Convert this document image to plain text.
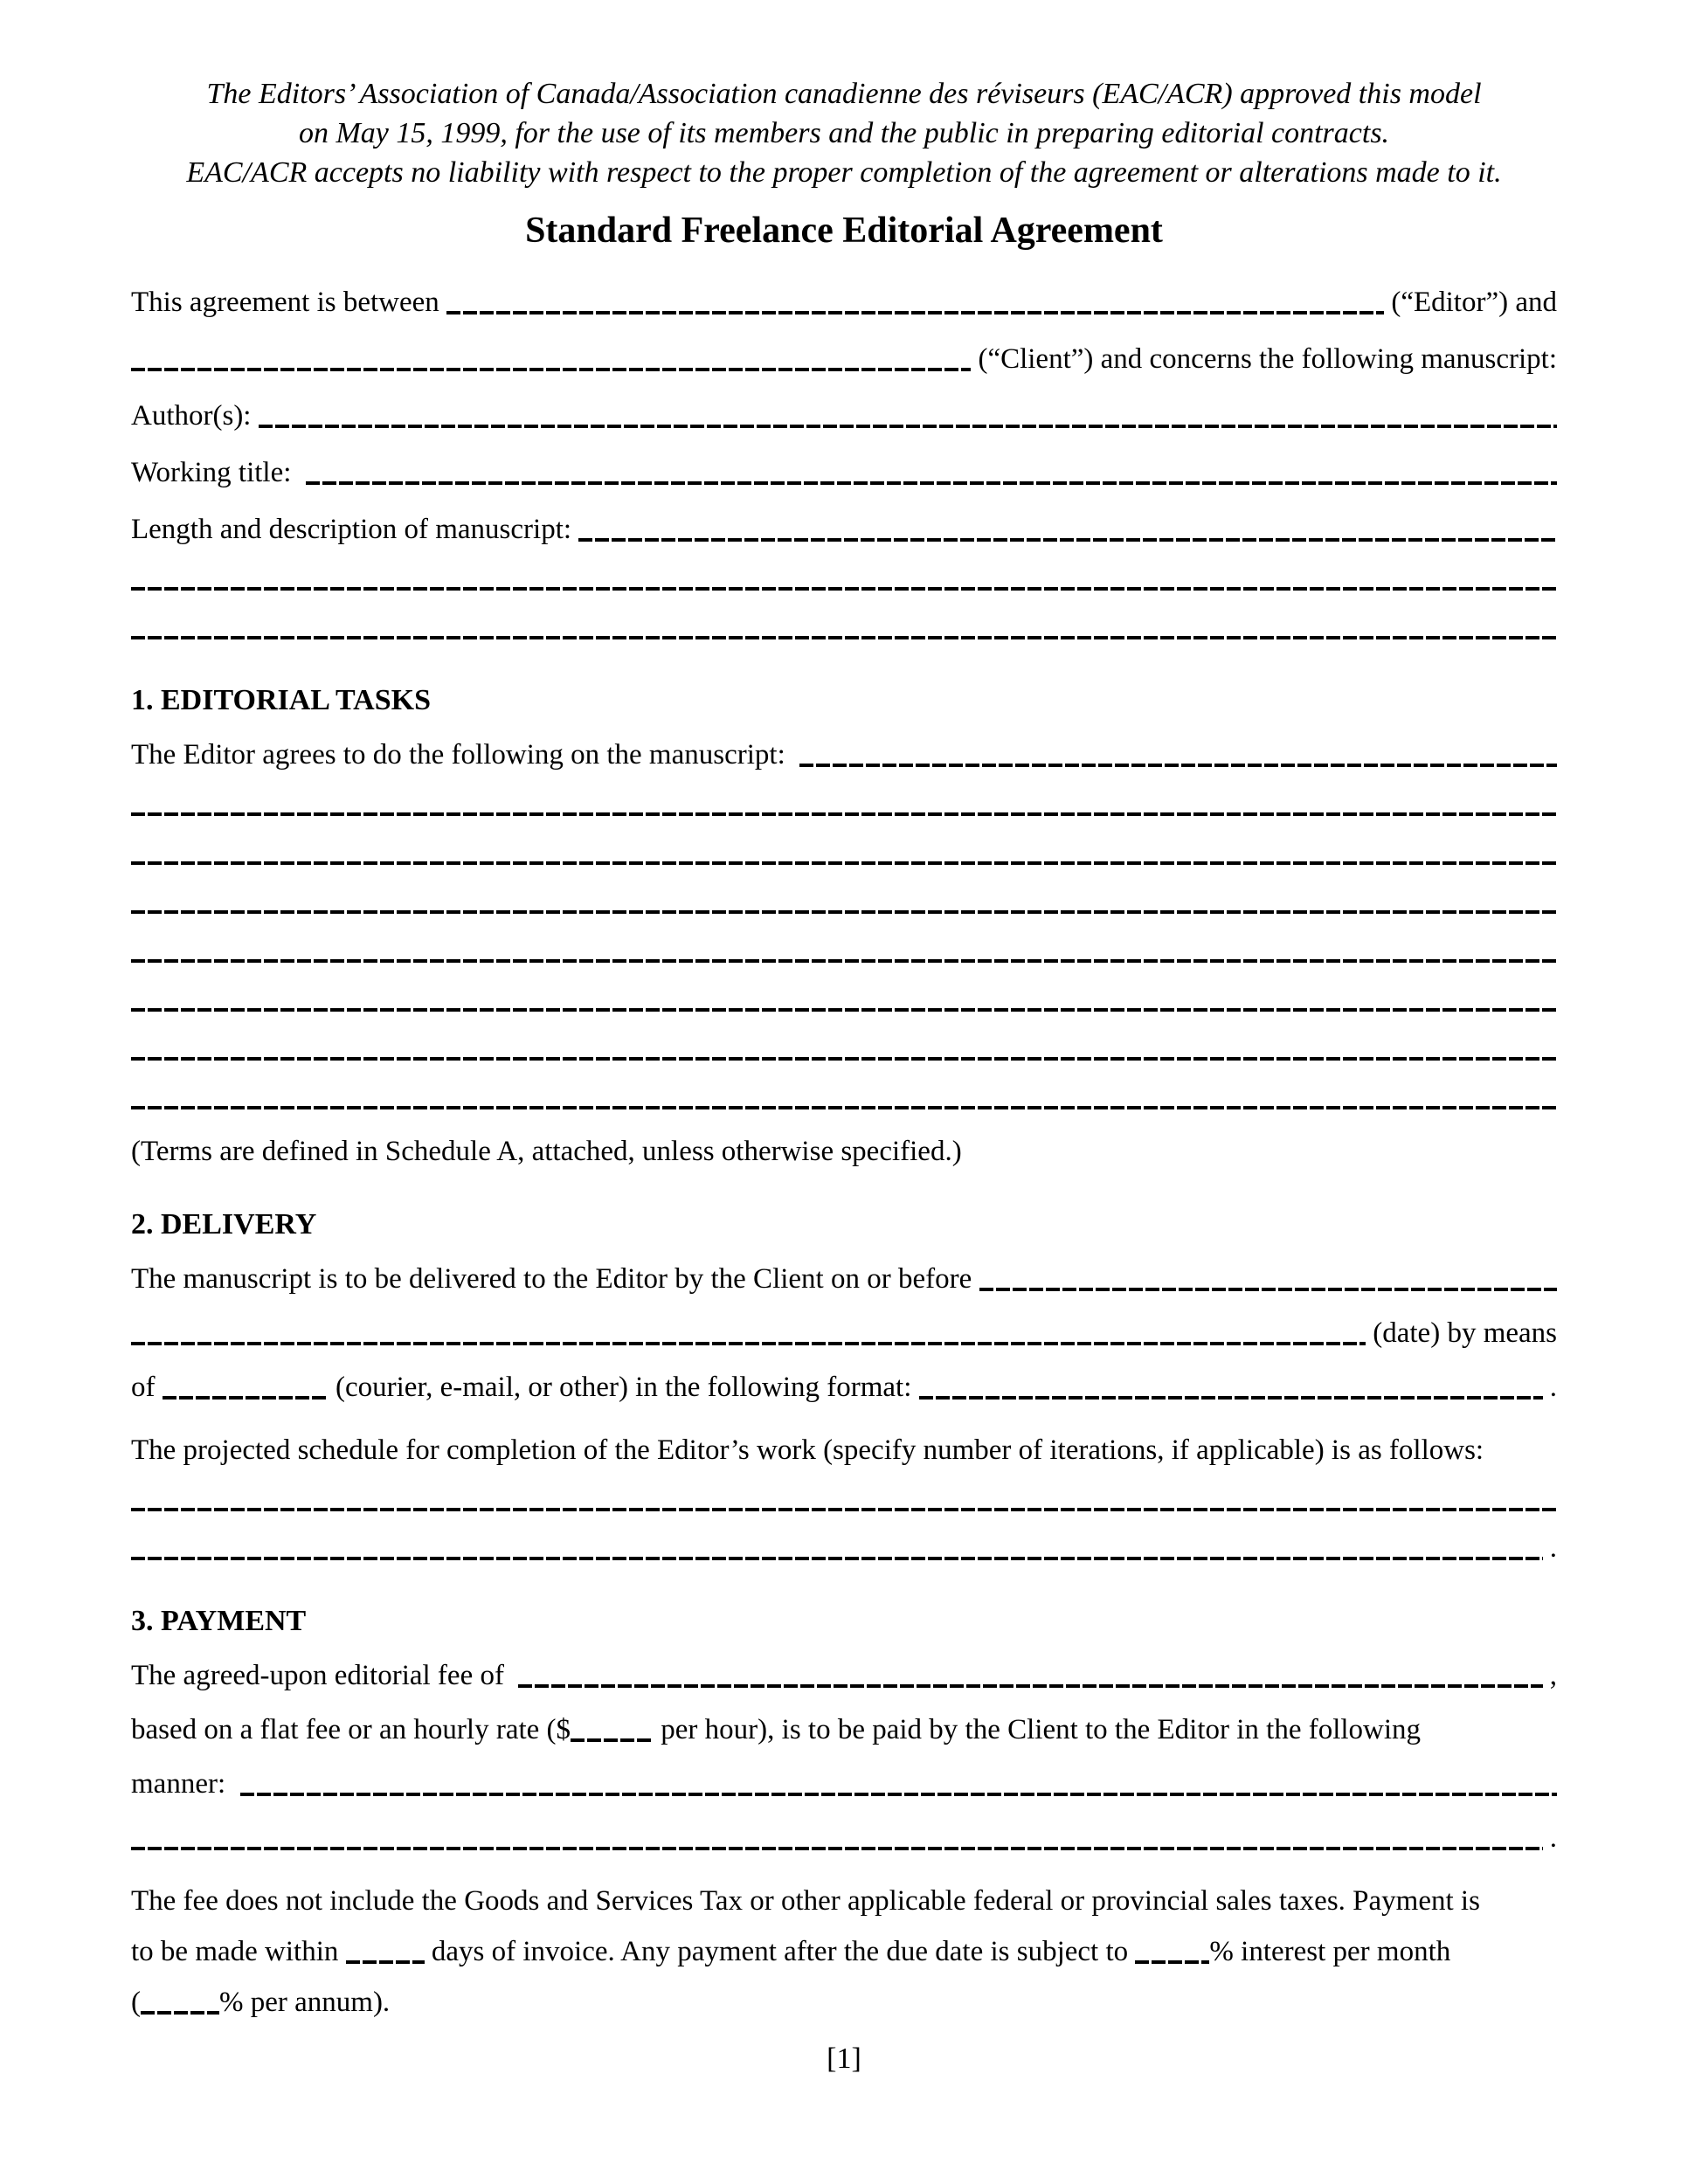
The Editors’ Association of Canada/Association canadienne des réviseurs (EAC/ACR) approved this model
on May 15, 1999, for the use of its members and the public in preparing editorial contracts.
EAC/ACR accepts no liability with respect to the proper completion of the agreement or alterations made to it.
Standard Freelance Editorial Agreement
This agreement is between	(“Editor”) and
(“Client”) and concerns the following manuscript:
Author(s):
Working title:
Length and description of manuscript:
1. EDITORIAL TASKS
The Editor agrees to do the following on the manuscript:
(Terms are defined in Schedule A, attached, unless otherwise specified.)
2. DELIVERY
The manuscript is to be delivered to the Editor by the Client on or before
(date) by means
of	(courier, e-mail, or other) in the following format:	.
The projected schedule for completion of the Editor’s work (specify number of iterations, if applicable) is as follows:
.
3. PAYMENT
The agreed-upon editorial fee of	,
based on a flat fee or an hourly rate ($	per hour), is to be paid by the Client to the Editor in the following
manner:
.
The fee does not include the Goods and Services Tax or other applicable federal or provincial sales taxes. Payment is
to be made within	days of invoice. Any payment after the due date is subject to	% interest per month
(	% per annum).
[1]
